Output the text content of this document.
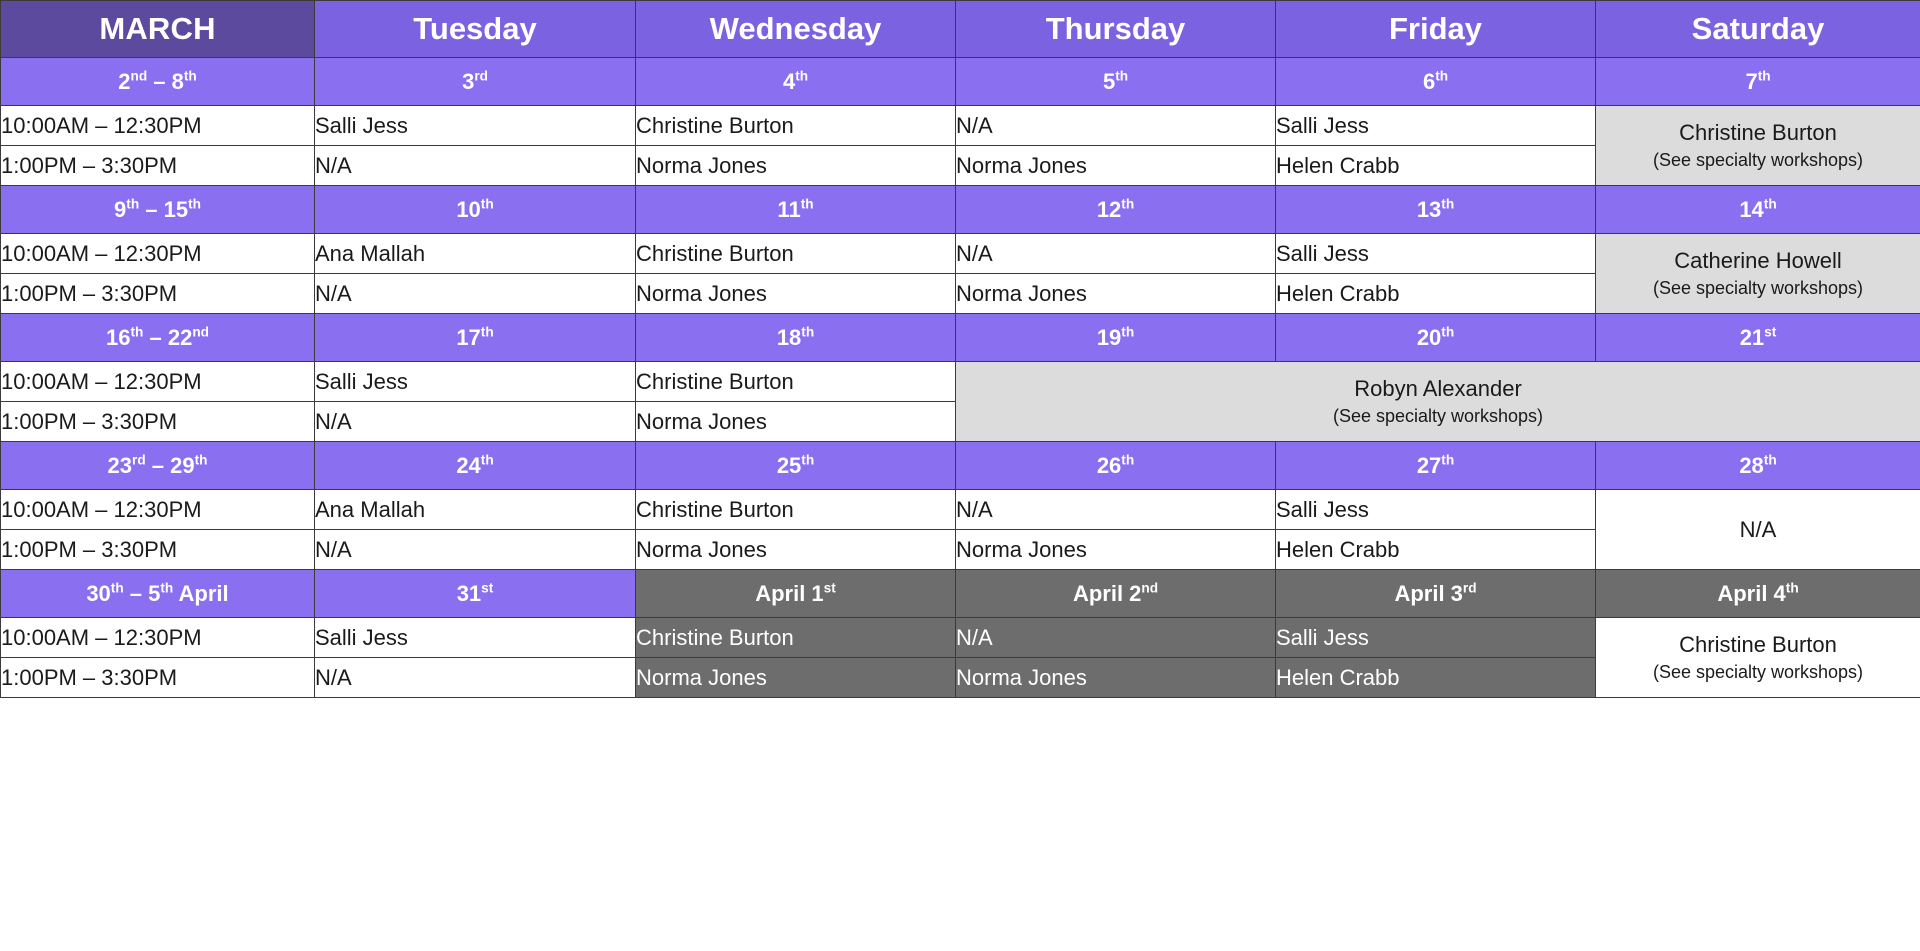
MARCH	Tuesday	Wednesday	Thursday	Friday	Saturday
2nd – 8th	3rd	4th	5th	6th	7th
10:00AM – 12:30PM	Salli Jess	Christine Burton	N/A	Salli Jess	Christine Burton
(See specialty workshops)

1:00PM – 3:30PM	N/A	Norma Jones	Norma Jones	Helen Crabb	
9th – 15th	10th	11th	12th	13th	14th
10:00AM – 12:30PM	Ana Mallah	Christine Burton	N/A	Salli Jess	Catherine Howell
(See specialty workshops)

1:00PM – 3:30PM	N/A	Norma Jones	Norma Jones	Helen Crabb	
16th – 22nd	17th	18th	19th	20th	21st
10:00AM – 12:30PM	Salli Jess	Christine Burton	Robyn Alexander
(See specialty workshops)		

1:00PM – 3:30PM	N/A	Norma Jones			
23rd – 29th	24th	25th	26th	27th	28th
10:00AM – 12:30PM	Ana Mallah	Christine Burton	N/A	Salli Jess	N/A
1:00PM – 3:30PM	N/A	Norma Jones	Norma Jones	Helen Crabb	
30th – 5th April	31st	April 1st	April 2nd	April 3rd	April 4th
10:00AM – 12:30PM	Salli Jess	Christine Burton	N/A	Salli Jess	Christine Burton
(See specialty workshops)

1:00PM – 3:30PM	N/A	Norma Jones	Norma Jones	Helen Crabb	
